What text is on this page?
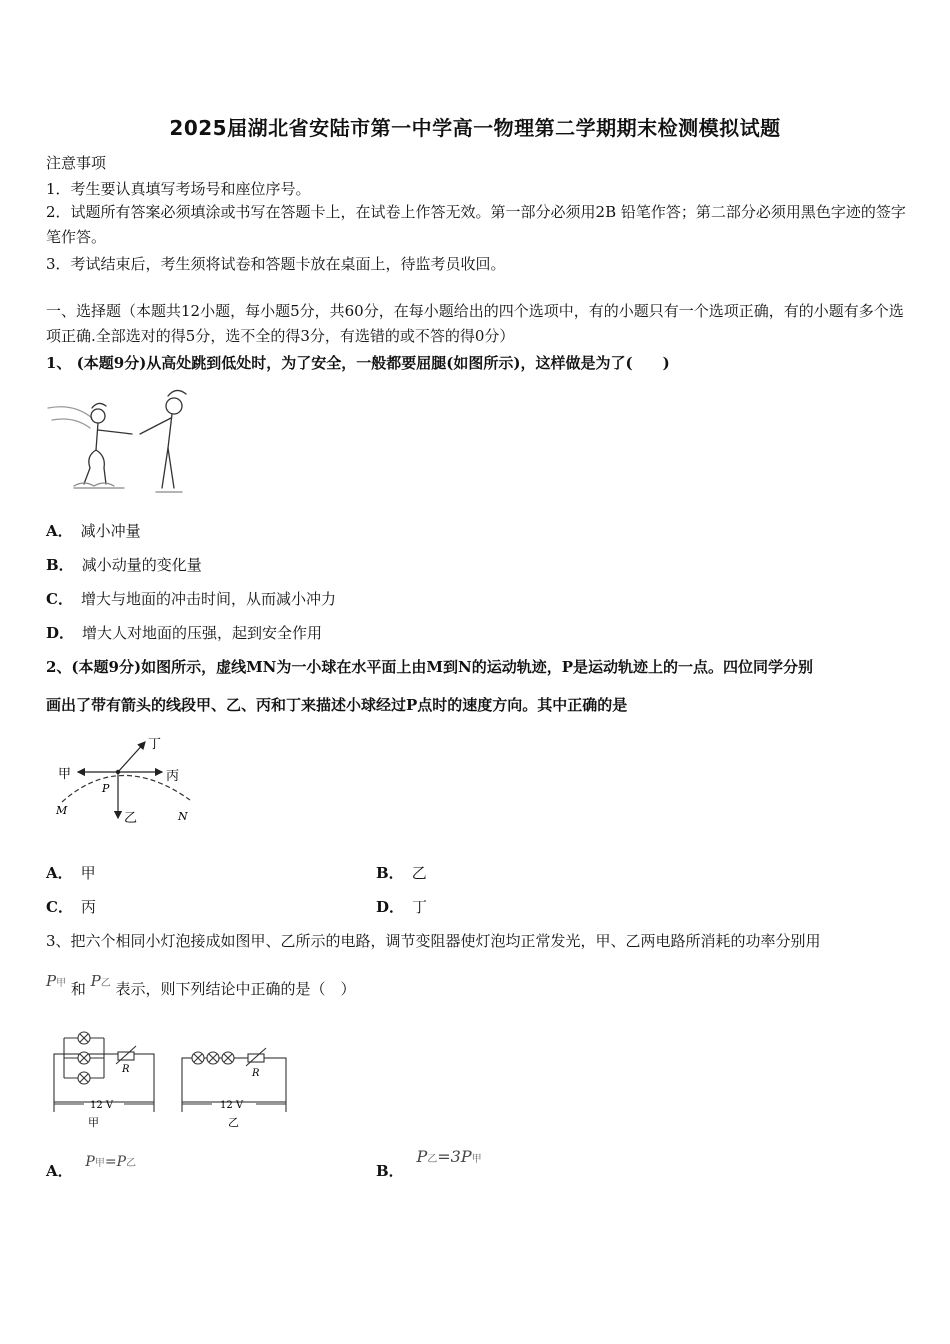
2025届湖北省安陆市第一中学高一物理第二学期期末检测模拟试题
注意事项
1．考生要认真填写考场号和座位序号。
2．试题所有答案必须填涂或书写在答题卡上，在试卷上作答无效。第一部分必须用2B 铅笔作答；第二部分必须用黑色字迹的签字笔作答。
3．考试结束后，考生须将试卷和答题卡放在桌面上，待监考员收回。
一、选择题（本题共12小题，每小题5分，共60分，在每小题给出的四个选项中，有的小题只有一个选项正确，有的小题有多个选项正确.全部选对的得5分，选不全的得3分，有选错的或不答的得0分）
1、 (本题9分)从高处跳到低处时，为了安全，一般都要屈腿(如图所示)，这样做是为了(　　)
A． 减小冲量
B． 减小动量的变化量
C． 增大与地面的冲击时间，从而减小冲力
D． 增大人对地面的压强，起到安全作用
2、(本题9分)如图所示，虚线MN为一小球在水平面上由M到N的运动轨迹，P是运动轨迹上的一点。四位同学分别
画出了带有箭头的线段甲、乙、丙和丁来描述小球经过P点时的速度方向。其中正确的是
甲	丙
乙
丁
P
M	N
A． 甲	B． 乙
C． 丙	D． 丁
3、把六个相同小灯泡接成如图甲、乙所示的电路，调节变阻器使灯泡均正常发光，甲、乙两电路所消耗的功率分别用
P甲 和 P乙 表示，则下列结论中正确的是（　）
R	R
12 V	12 V
甲	乙
A． P甲=P乙	B． P乙=3P甲
